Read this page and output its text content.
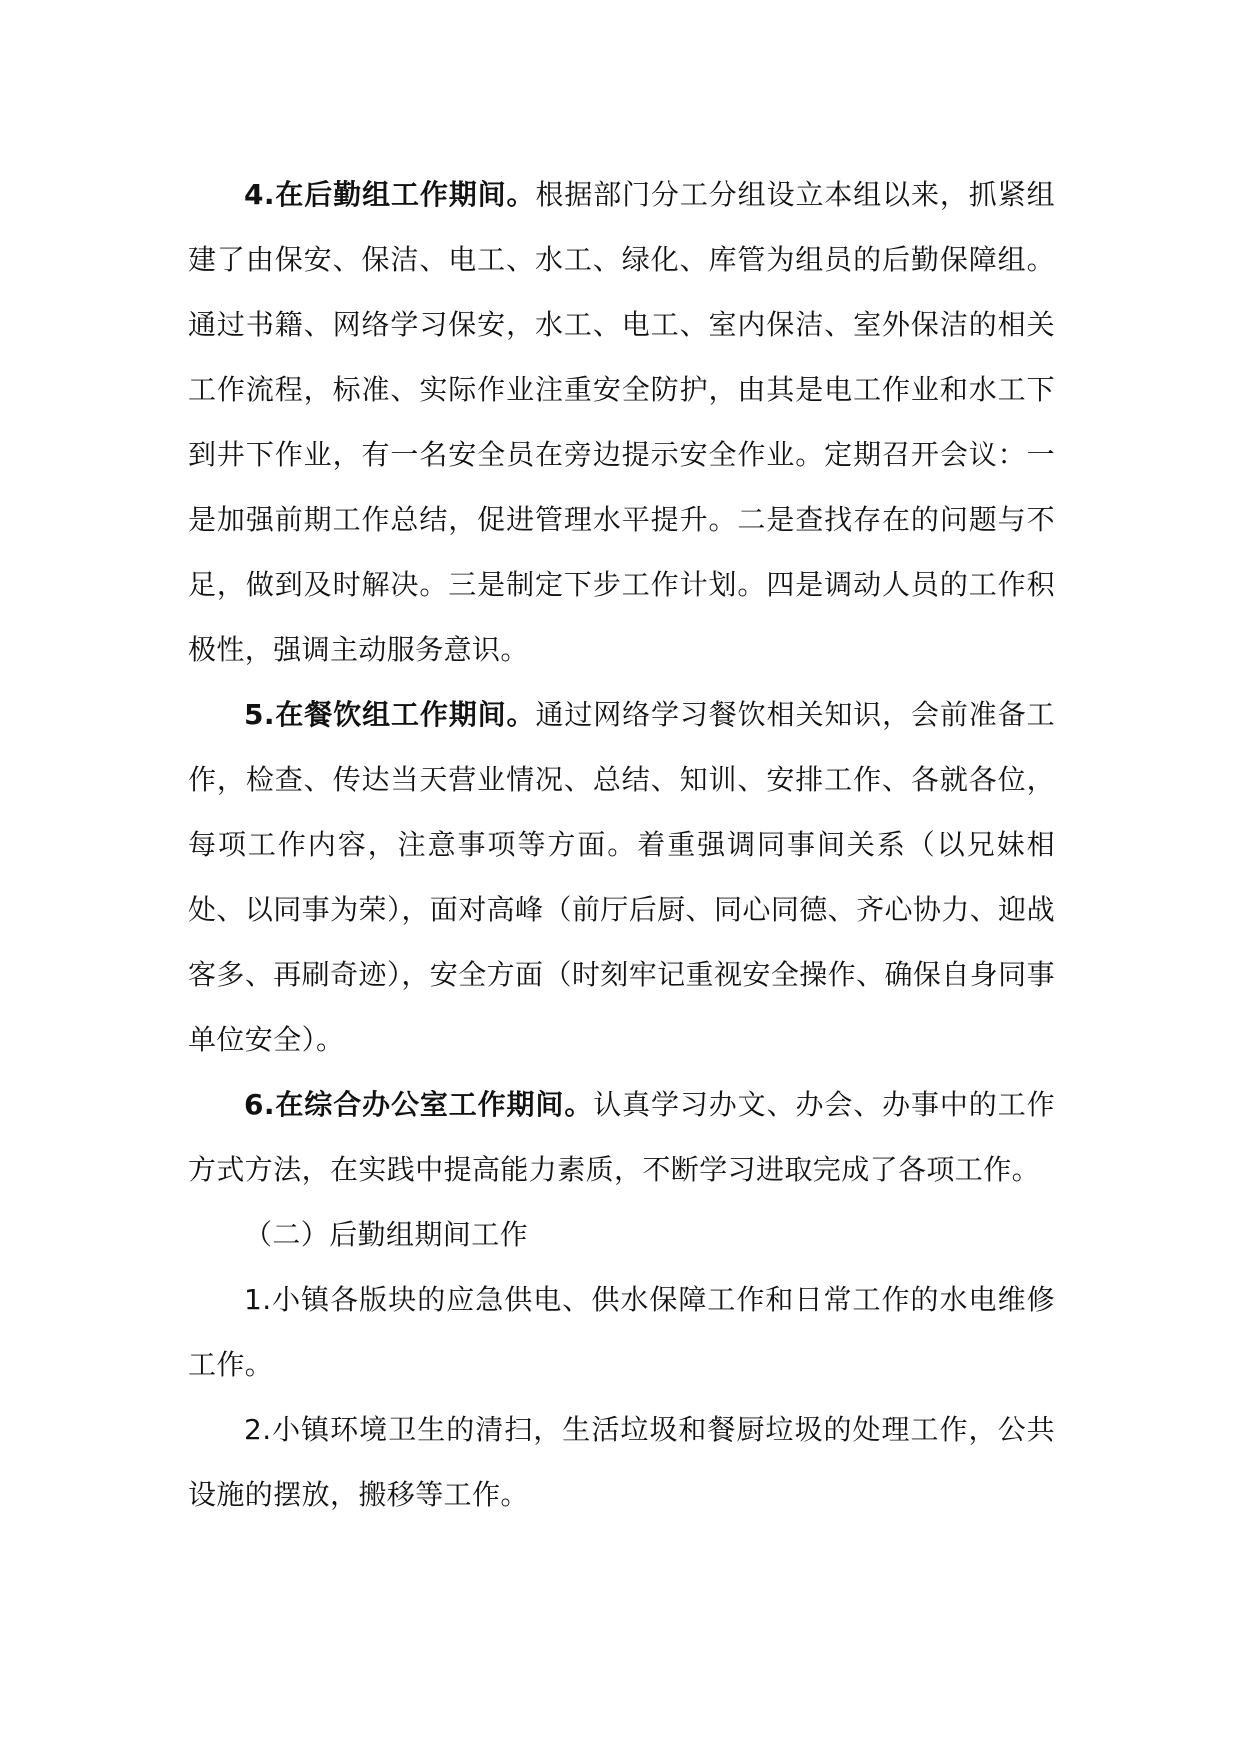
4.在后勤组工作期间。根据部门分工分组设立本组以来，抓紧组建了由保安、保洁、电工、水工、绿化、库管为组员的后勤保障组。通过书籍、网络学习保安，水工、电工、室内保洁、室外保洁的相关工作流程，标准、实际作业注重安全防护，由其是电工作业和水工下到井下作业，有一名安全员在旁边提示安全作业。定期召开会议：一是加强前期工作总结，促进管理水平提升。二是查找存在的问题与不足，做到及时解决。三是制定下步工作计划。四是调动人员的工作积极性，强调主动服务意识。

5.在餐饮组工作期间。通过网络学习餐饮相关知识，会前准备工作，检查、传达当天营业情况、总结、知训、安排工作、各就各位，每项工作内容，注意事项等方面。着重强调同事间关系（以兄妹相处、以同事为荣），面对高峰（前厅后厨、同心同德、齐心协力、迎战客多、再刷奇迹），安全方面（时刻牢记重视安全操作、确保自身同事单位安全）。

6.在综合办公室工作期间。认真学习办文、办会、办事中的工作方式方法，在实践中提高能力素质，不断学习进取完成了各项工作。

（二）后勤组期间工作

1.小镇各版块的应急供电、供水保障工作和日常工作的水电维修工作。

2.小镇环境卫生的清扫，生活垃圾和餐厨垃圾的处理工作，公共设施的摆放，搬移等工作。
